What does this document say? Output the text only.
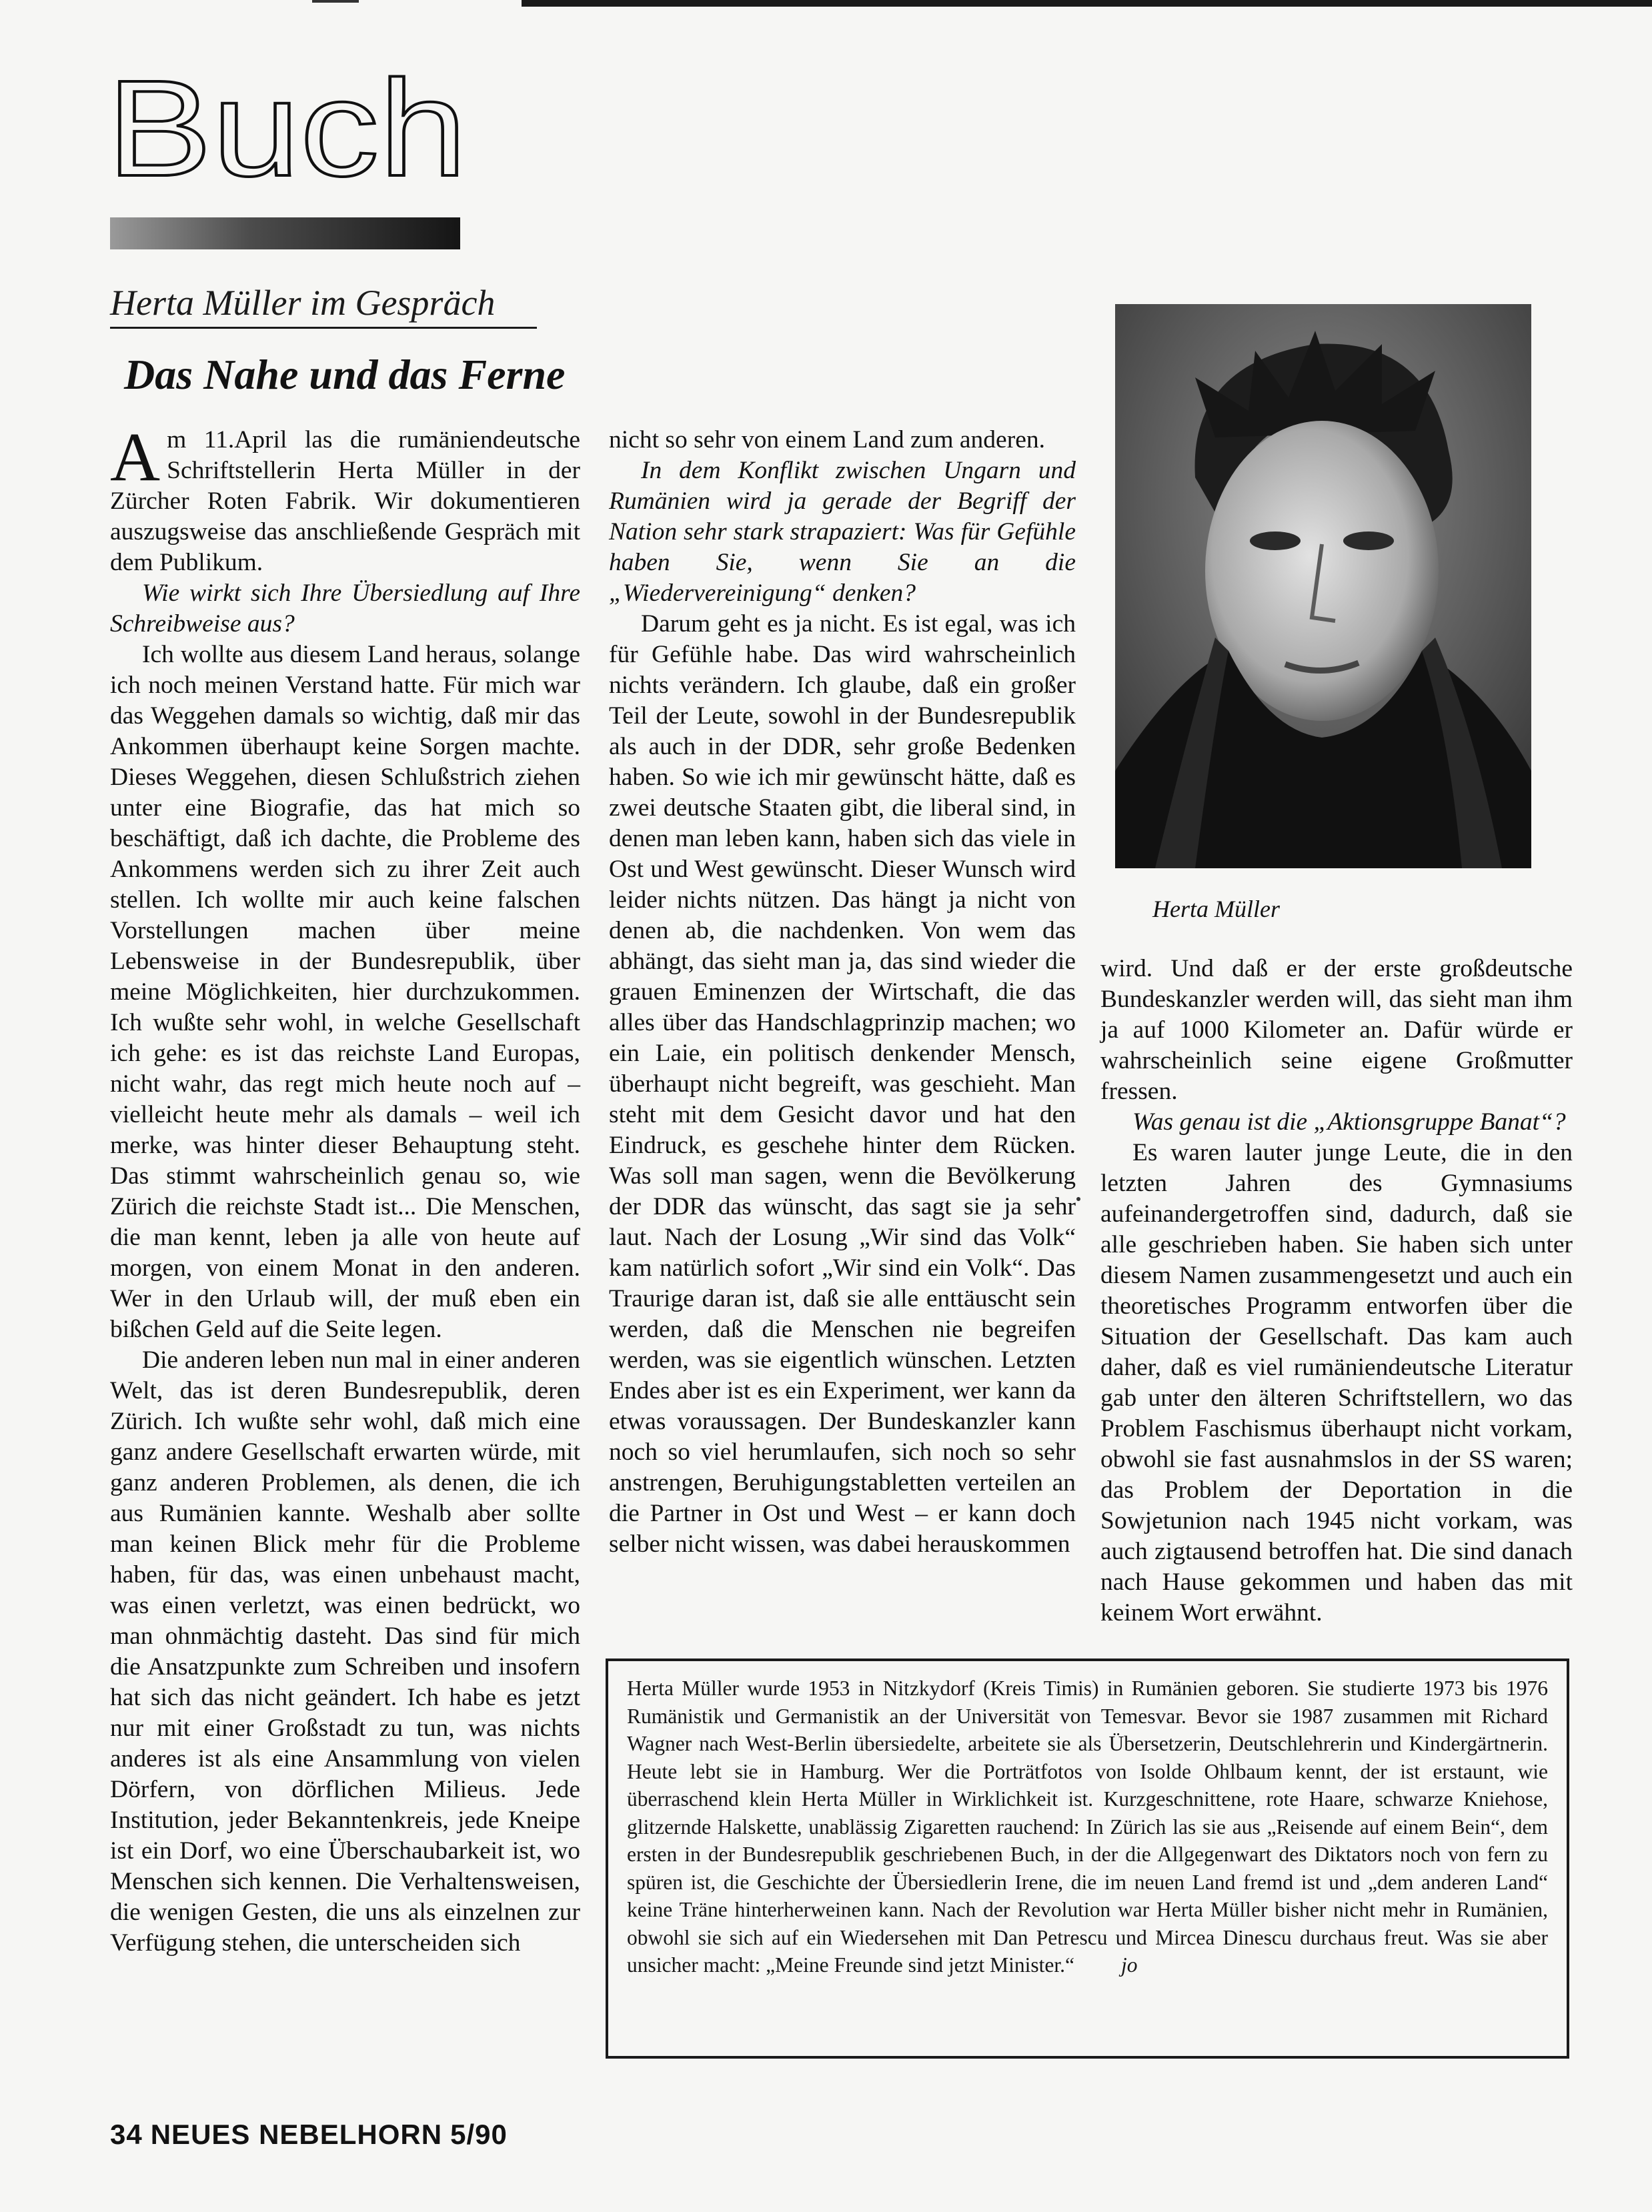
Buch
Herta Müller im Gespräch
Das Nahe und das Ferne

Am 11.April las die rumäniendeutsche Schriftstellerin Herta Müller in der Zürcher Roten Fabrik. Wir dokumentieren auszugsweise das anschließende Gespräch mit dem Publikum.

Wie wirkt sich Ihre Übersiedlung auf Ihre Schreibweise aus?

Ich wollte aus diesem Land heraus, solange ich noch meinen Verstand hatte. Für mich war das Weggehen damals so wichtig, daß mir das Ankommen überhaupt keine Sorgen machte. Dieses Weggehen, diesen Schlußstrich ziehen unter eine Biografie, das hat mich so beschäftigt, daß ich dachte, die Probleme des Ankommens werden sich zu ihrer Zeit auch stellen. Ich wollte mir auch keine falschen Vorstellungen machen über meine Lebensweise in der Bundesrepublik, über meine Möglichkeiten, hier durchzukommen. Ich wußte sehr wohl, in welche Gesellschaft ich gehe: es ist das reichste Land Europas, nicht wahr, das regt mich heute noch auf – vielleicht heute mehr als damals – weil ich merke, was hinter dieser Behauptung steht. Das stimmt wahrscheinlich genau so, wie Zürich die reichste Stadt ist... Die Menschen, die man kennt, leben ja alle von heute auf morgen, von einem Monat in den anderen. Wer in den Urlaub will, der muß eben ein bißchen Geld auf die Seite legen.

Die anderen leben nun mal in einer anderen Welt, das ist deren Bundesrepublik, deren Zürich. Ich wußte sehr wohl, daß mich eine ganz andere Gesellschaft erwarten würde, mit ganz anderen Problemen, als denen, die ich aus Rumänien kannte. Weshalb aber sollte man keinen Blick mehr für die Probleme haben, für das, was einen unbehaust macht, was einen verletzt, was einen bedrückt, wo man ohnmächtig dasteht. Das sind für mich die Ansatzpunkte zum Schreiben und insofern hat sich das nicht geändert. Ich habe es jetzt nur mit einer Großstadt zu tun, was nichts anderes ist als eine Ansammlung von vielen Dörfern, von dörflichen Milieus. Jede Institution, jeder Bekanntenkreis, jede Kneipe ist ein Dorf, wo eine Überschaubarkeit ist, wo Menschen sich kennen. Die Verhaltensweisen, die wenigen Gesten, die uns als einzelnen zur Verfügung stehen, die unterscheiden sich

nicht so sehr von einem Land zum anderen.

In dem Konflikt zwischen Ungarn und Rumänien wird ja gerade der Begriff der Nation sehr stark strapaziert: Was für Gefühle haben Sie, wenn Sie an die „Wiedervereinigung“ denken?

Darum geht es ja nicht. Es ist egal, was ich für Gefühle habe. Das wird wahrscheinlich nichts verändern. Ich glaube, daß ein großer Teil der Leute, sowohl in der Bundesrepublik als auch in der DDR, sehr große Bedenken haben. So wie ich mir gewünscht hätte, daß es zwei deutsche Staaten gibt, die liberal sind, in denen man leben kann, haben sich das viele in Ost und West gewünscht. Dieser Wunsch wird leider nichts nützen. Das hängt ja nicht von denen ab, die nachdenken. Von wem das abhängt, das sieht man ja, das sind wieder die grauen Eminenzen der Wirtschaft, die das alles über das Handschlagprinzip machen; wo ein Laie, ein politisch denkender Mensch, überhaupt nicht begreift, was geschieht. Man steht mit dem Gesicht davor und hat den Eindruck, es geschehe hinter dem Rücken. Was soll man sagen, wenn die Bevölkerung der DDR das wünscht, das sagt sie ja sehr laut. Nach der Losung „Wir sind das Volk“ kam natürlich sofort „Wir sind ein Volk“. Das Traurige daran ist, daß sie alle enttäuscht sein werden, daß die Menschen nie begreifen werden, was sie eigentlich wünschen. Letzten Endes aber ist es ein Experiment, wer kann da etwas voraussagen. Der Bundeskanzler kann noch so viel herumlaufen, sich noch so sehr anstrengen, Beruhigungstabletten verteilen an die Partner in Ost und West – er kann doch selber nicht wissen, was dabei herauskommen

Herta Müller

wird. Und daß er der erste großdeutsche Bundeskanzler werden will, das sieht man ihm ja auf 1000 Kilometer an. Dafür würde er wahrscheinlich seine eigene Großmutter fressen.

Was genau ist die „Aktionsgruppe Banat“?

Es waren lauter junge Leute, die in den letzten Jahren des Gymnasiums aufeinandergetroffen sind, dadurch, daß sie alle geschrieben haben. Sie haben sich unter diesem Namen zusammengesetzt und auch ein theoretisches Programm entworfen über die Situation der Gesellschaft. Das kam auch daher, daß es viel rumäniendeutsche Literatur gab unter den älteren Schriftstellern, wo das Problem Faschismus überhaupt nicht vorkam, obwohl sie fast ausnahmslos in der SS waren; das Problem der Deportation in die Sowjetunion nach 1945 nicht vorkam, was auch zigtausend betroffen hat. Die sind danach nach Hause gekommen und haben das mit keinem Wort erwähnt.

Herta Müller wurde 1953 in Nitzkydorf (Kreis Timis) in Rumänien geboren. Sie studierte 1973 bis 1976 Rumänistik und Germanistik an der Universität von Temesvar. Bevor sie 1987 zusammen mit Richard Wagner nach West-Berlin übersiedelte, arbeitete sie als Übersetzerin, Deutschlehrerin und Kindergärtnerin. Heute lebt sie in Hamburg. Wer die Porträtfotos von Isolde Ohlbaum kennt, der ist erstaunt, wie überraschend klein Herta Müller in Wirklichkeit ist. Kurzgeschnittene, rote Haare, schwarze Kniehose, glitzernde Halskette, unablässig Zigaretten rauchend: In Zürich las sie aus „Reisende auf einem Bein“, dem ersten in der Bundesrepublik geschriebenen Buch, in der die Allgegenwart des Diktators noch von fern zu spüren ist, die Geschichte der Übersiedlerin Irene, die im neuen Land fremd ist und „dem anderen Land“ keine Träne hinterherweinen kann. Nach der Revolution war Herta Müller bisher nicht mehr in Rumänien, obwohl sie sich auf ein Wiedersehen mit Dan Petrescu und Mircea Dinescu durchaus freut. Was sie aber unsicher macht: „Meine Freunde sind jetzt Minister.“ jo
34 NEUES NEBELHORN 5/90
